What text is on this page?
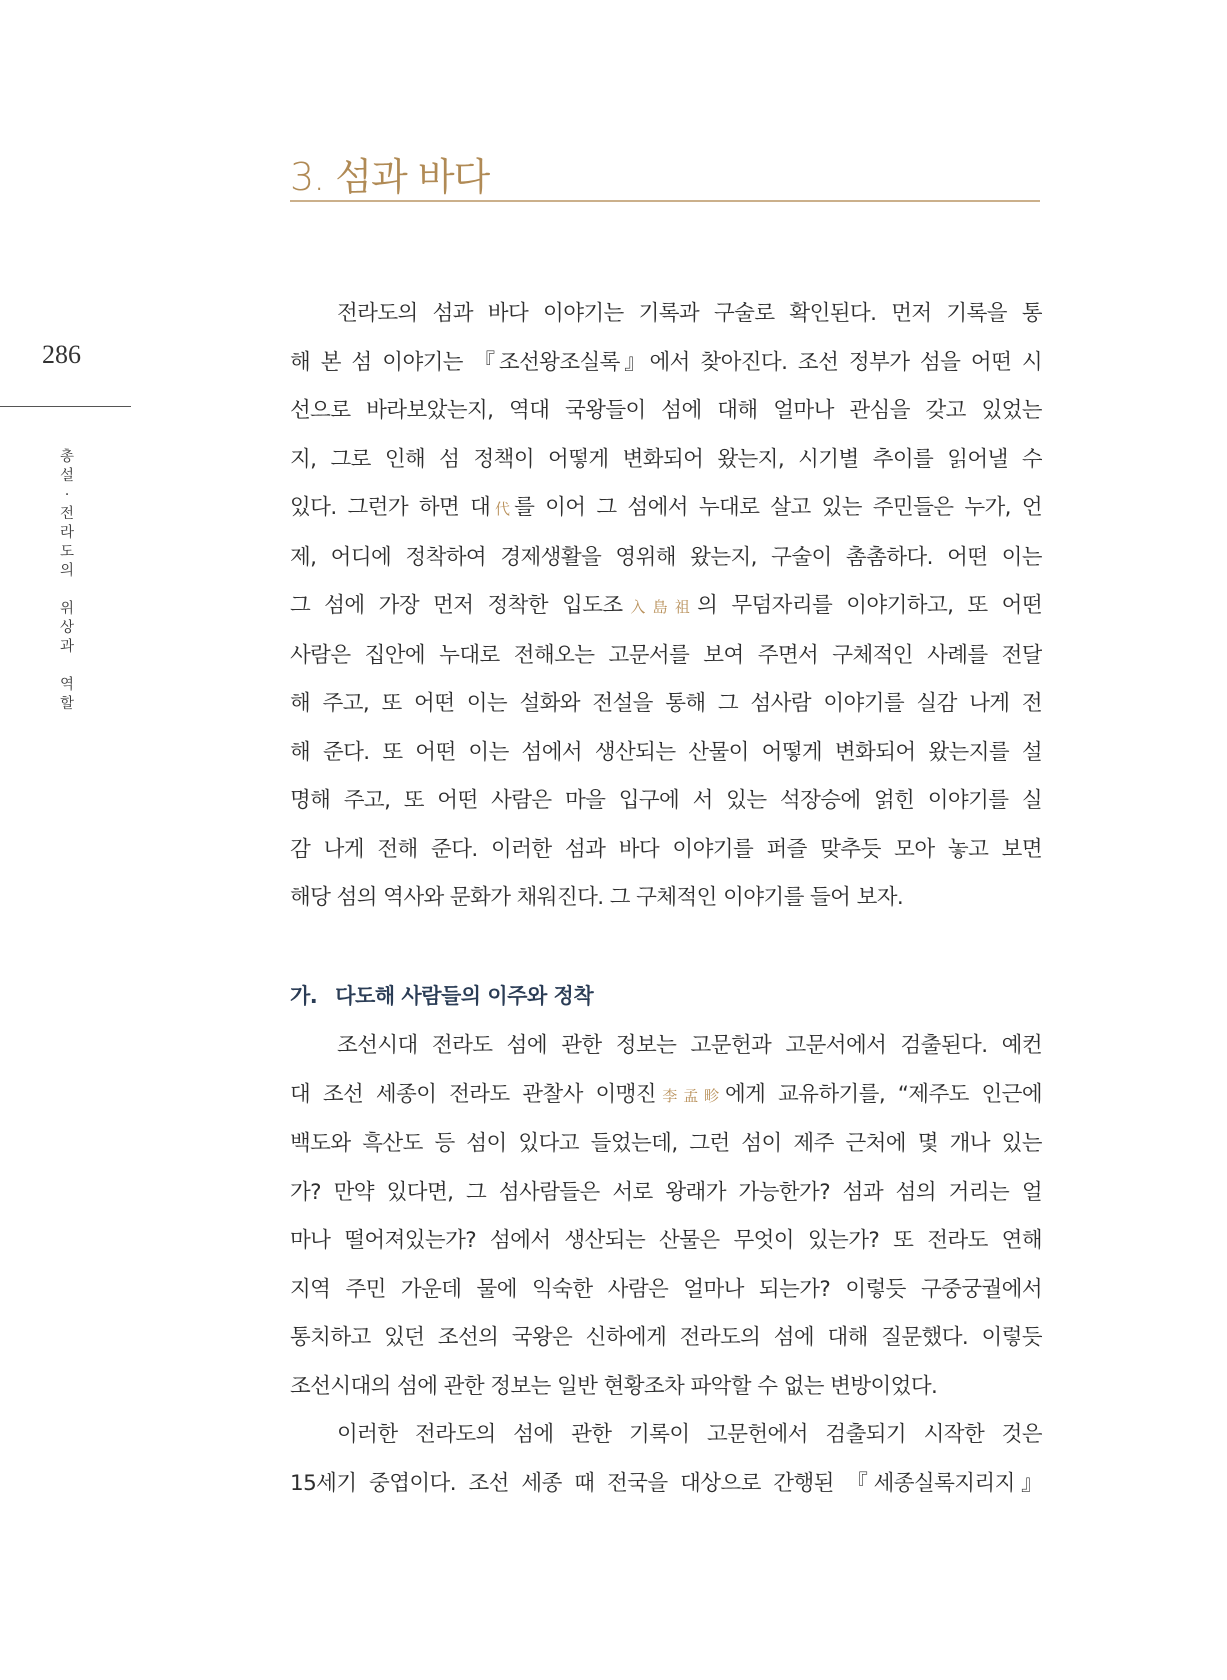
286
총
설
·
전
라
도
의

위
상
과

역
할
3. 섬과 바다
전라도의 섬과 바다 이야기는 기록과 구술로 확인된다. 먼저 기록을 통
해 본 섬 이야기는 『조선왕조실록』에서 찾아진다. 조선 정부가 섬을 어떤 시
선으로 바라보았는지, 역대 국왕들이 섬에 대해 얼마나 관심을 갖고 있었는
지, 그로 인해 섬 정책이 어떻게 변화되어 왔는지, 시기별 추이를 읽어낼 수
있다. 그런가 하면 대代를 이어 그 섬에서 누대로 살고 있는 주민들은 누가, 언
제, 어디에 정착하여 경제생활을 영위해 왔는지, 구술이 촘촘하다. 어떤 이는
그 섬에 가장 먼저 정착한 입도조入島祖의 무덤자리를 이야기하고, 또 어떤
사람은 집안에 누대로 전해오는 고문서를 보여 주면서 구체적인 사례를 전달
해 주고, 또 어떤 이는 설화와 전설을 통해 그 섬사람 이야기를 실감 나게 전
해 준다. 또 어떤 이는 섬에서 생산되는 산물이 어떻게 변화되어 왔는지를 설
명해 주고, 또 어떤 사람은 마을 입구에 서 있는 석장승에 얽힌 이야기를 실
감 나게 전해 준다. 이러한 섬과 바다 이야기를 퍼즐 맞추듯 모아 놓고 보면
해당 섬의 역사와 문화가 채워진다. 그 구체적인 이야기를 들어 보자.
가. 다도해 사람들의 이주와 정착
조선시대 전라도 섬에 관한 정보는 고문헌과 고문서에서 검출된다. 예컨
대 조선 세종이 전라도 관찰사 이맹진李孟畛에게 교유하기를, “제주도 인근에
백도와 흑산도 등 섬이 있다고 들었는데, 그런 섬이 제주 근처에 몇 개나 있는
가? 만약 있다면, 그 섬사람들은 서로 왕래가 가능한가? 섬과 섬의 거리는 얼
마나 떨어져있는가? 섬에서 생산되는 산물은 무엇이 있는가? 또 전라도 연해
지역 주민 가운데 물에 익숙한 사람은 얼마나 되는가? 이렇듯 구중궁궐에서
통치하고 있던 조선의 국왕은 신하에게 전라도의 섬에 대해 질문했다. 이렇듯
조선시대의 섬에 관한 정보는 일반 현황조차 파악할 수 없는 변방이었다.
이러한 전라도의 섬에 관한 기록이 고문헌에서 검출되기 시작한 것은
15세기 중엽이다. 조선 세종 때 전국을 대상으로 간행된 『세종실록지리지』
